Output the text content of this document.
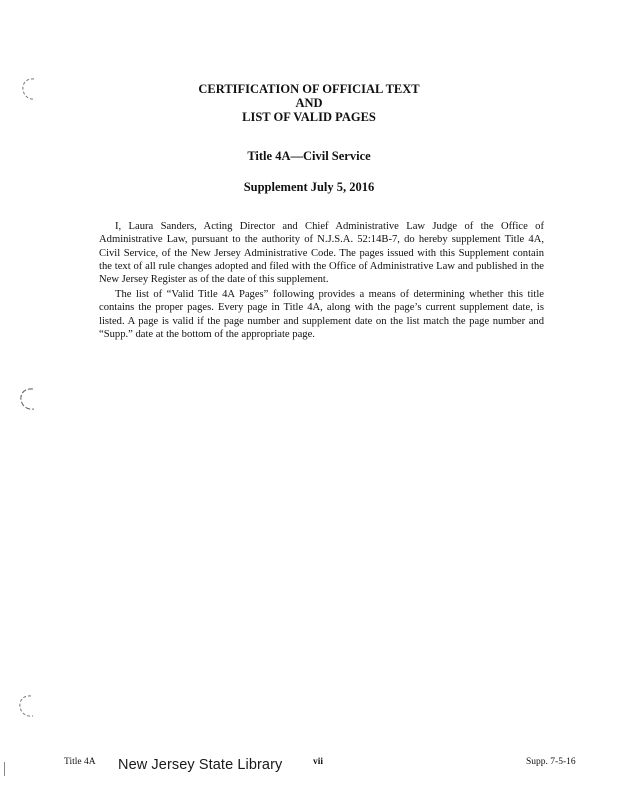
CERTIFICATION OF OFFICIAL TEXT
AND
LIST OF VALID PAGES
Title 4A—Civil Service
Supplement July 5, 2016

I, Laura Sanders, Acting Director and Chief Administrative Law Judge of the Office of Administrative Law, pursuant to the authority of N.J.S.A. 52:14B-7, do hereby supplement Title 4A, Civil Service, of the New Jersey Administrative Code. The pages issued with this Supplement contain the text of all rule changes adopted and filed with the Office of Administrative Law and published in the New Jersey Register as of the date of this supplement.

The list of “Valid Title 4A Pages” following provides a means of determining whether this title contains the proper pages. Every page in Title 4A, along with the page’s current supplement date, is listed. A page is valid if the page number and supplement date on the list match the page number and “Supp.” date at the bottom of the appropriate page.

Title 4A New Jersey State Library	vii	Supp. 7-5-16
